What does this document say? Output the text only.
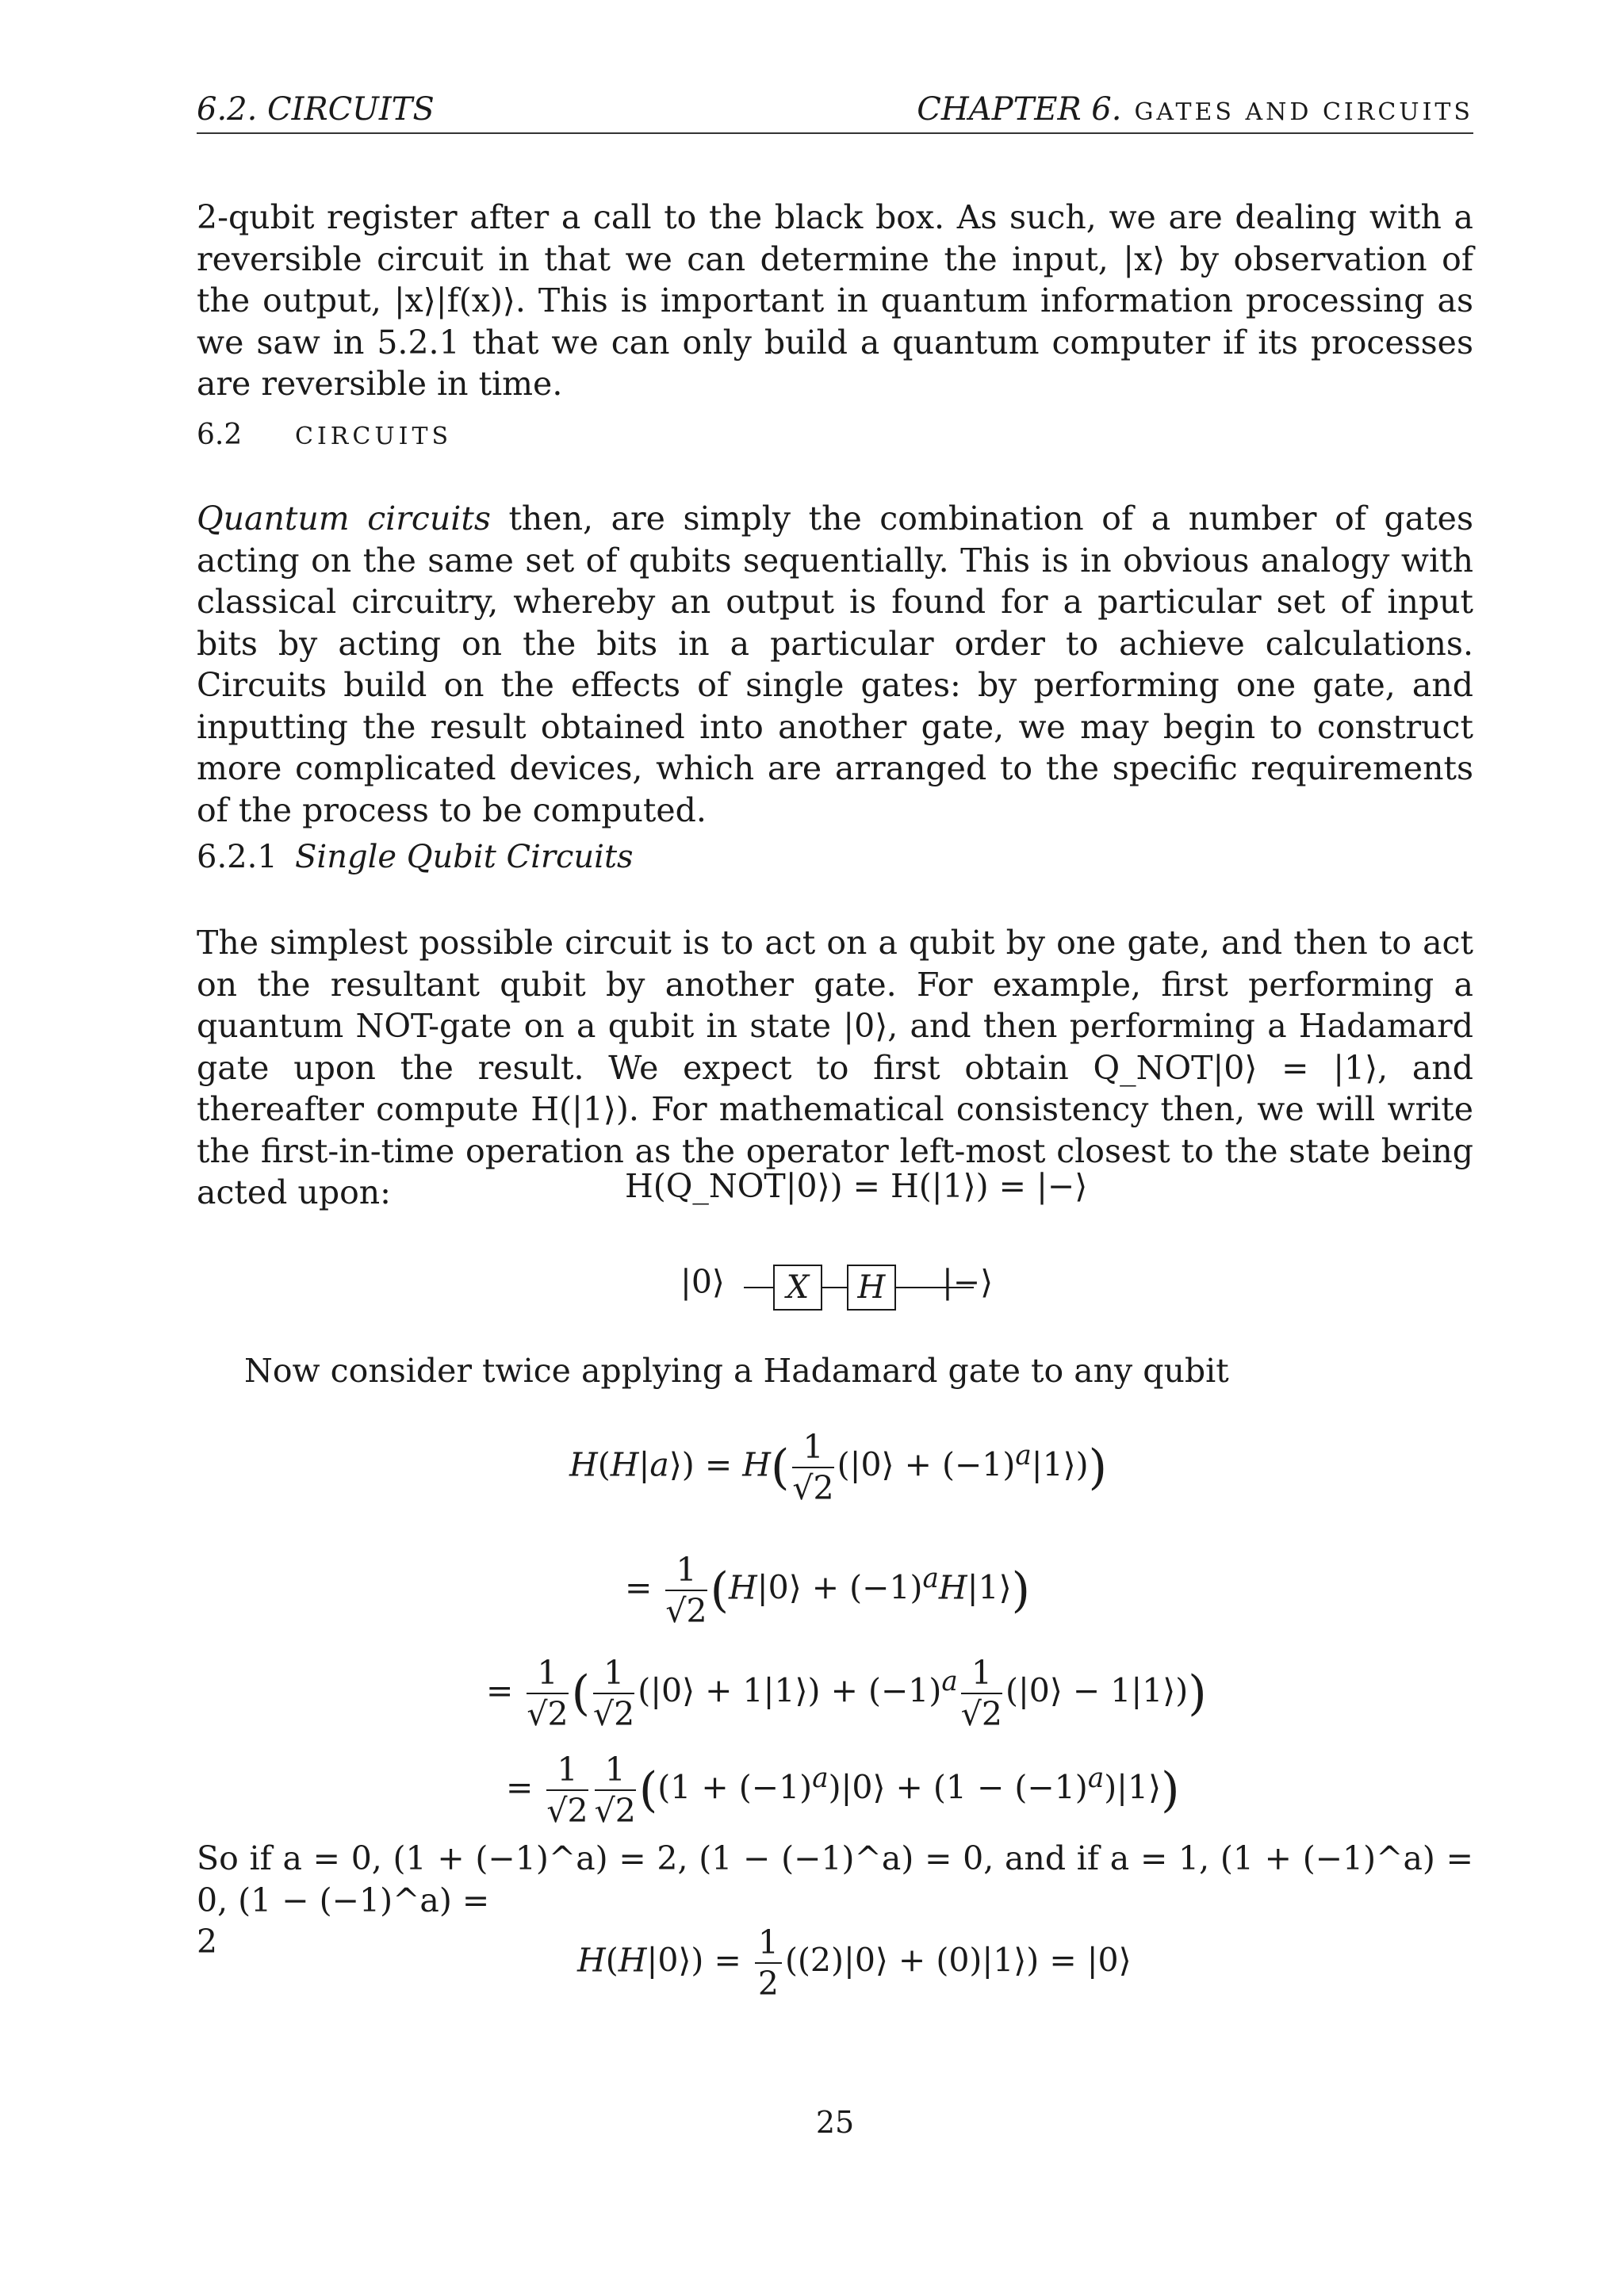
6.2. CIRCUITS	CHAPTER 6. GATES AND CIRCUITS

2-qubit register after a call to the black box. As such, we are dealing with a reversible circuit in that we can determine the input, |x⟩ by observation of the output, |x⟩|f(x)⟩. This is important in quantum information processing as we saw in 5.2.1 that we can only build a quantum computer if its processes are reversible in time.

6.2 CIRCUITS

Quantum circuits then, are simply the combination of a number of gates acting on the same set of qubits sequentially. This is in obvious analogy with classical circuitry, whereby an output is found for a particular set of input bits by acting on the bits in a particular order to achieve calculations. Circuits build on the effects of single gates: by performing one gate, and inputting the result obtained into another gate, we may begin to construct more complicated devices, which are arranged to the specific requirements of the process to be computed.

6.2.1 Single Qubit Circuits

The simplest possible circuit is to act on a qubit by one gate, and then to act on the resultant qubit by another gate. For example, first performing a quantum NOT-gate on a qubit in state |0⟩, and then performing a Hadamard gate upon the result. We expect to first obtain Q_NOT|0⟩ = |1⟩, and thereafter compute H(|1⟩). For mathematical consistency then, we will write the first-in-time operation as the operator left-most closest to the state being acted upon:	H(Q_NOT|0⟩) = H(|1⟩) = |−⟩
|0⟩	X	H	|−⟩

Now consider twice applying a Hadamard gate to any qubit

H(H|a⟩) = $H( \frac{1}{√2}$ (|0⟩ + $(-1)^a|1⟩$))
= $\frac{1}{√2}$ (H|0⟩ + $(-1)^aH|1⟩$)
= $\frac{1}{√2}$ ( $\frac{1}{√2}$ (|0⟩ + 1|1⟩) + $(-1)^a \frac{1}{√2}$ (|0⟩ − 1|1⟩))
= $\frac{1}{√2} \frac{1}{√2} ((1$ + $(-1)^a)|0⟩ + (1$ − $(-1)^a)|1⟩$)

So if a = 0, (1 + (−1)^a) = 2, (1 − (−1)^a) = 0, and if a = 1, (1 + (−1)^a) = 0, (1 − (−1)^a) =

2	H(H|0⟩) = $\frac{1}{2}$ ((2)|0⟩ + (0)|1⟩) = |0⟩
25
